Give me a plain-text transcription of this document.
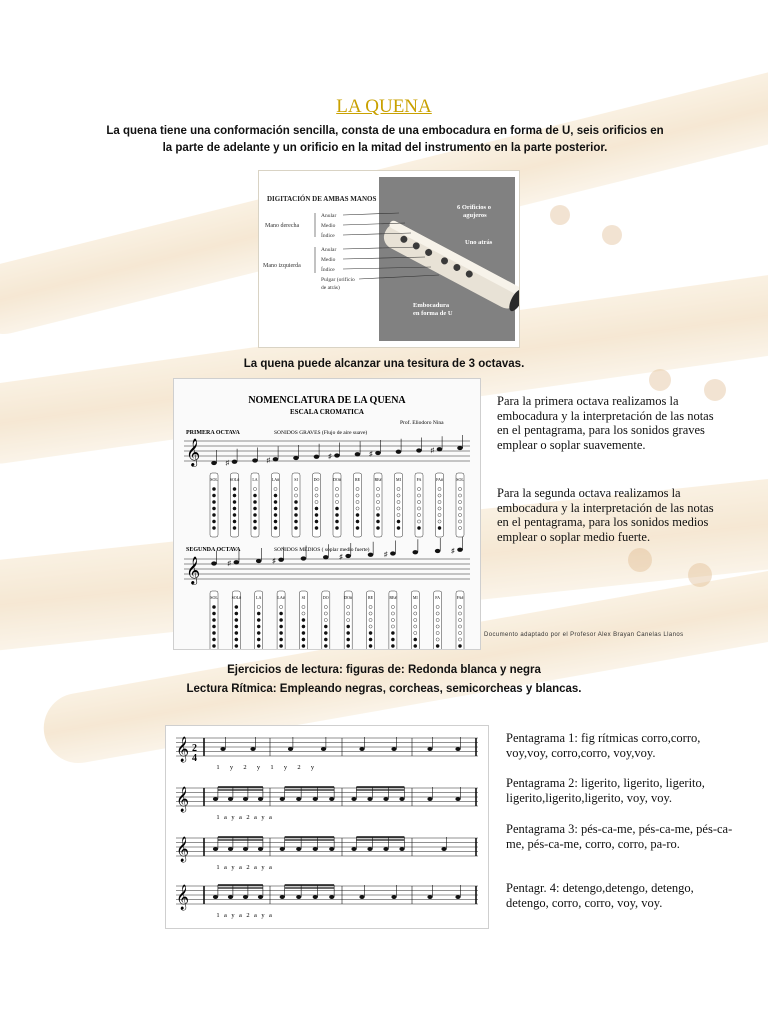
LA QUENA
La quena tiene una conformación sencilla, consta de una embocadura en forma de U, seis orificios en la parte de adelante y un orificio en la mitad del instrumento en la parte posterior.
DIGITACIÓN DE AMBAS MANOS
Mano derecha
Mano izquierda
Anular
Medio
Índice
Anular
Medio
Índice
Pulgar (orificio
de atrás)
6 Orificios o
agujeros
Uno atrás
Embocadura
en forma de U
La quena puede alcanzar una tesitura de 3 octavas.
NOMENCLATURA DE LA QUENA
ESCALA CROMATICA
Prof. Eliodoro Nina
PRIMERA OCTAVA	SONIDOS GRAVES (Flujo de aire suave)
SEGUNDA OCTAVA	SONIDOS MEDIOS ( soplar medio fuerte)
𝄞
SOL
♯
SOL#	LA
♯
LA#	SI	DO
♯
DO#	RE
♯
RE#	MI	FA
♯
FA#	SOL
𝄞
SOL
♯
SOL#	LA
♯
LA#	SI	DO
♯
DO#	RE
♯
RE#	MI	FA
♯
FA#
Para la primera octava realizamos la embocadura y la interpretación de las notas en el pentagrama, para los sonidos graves emplear o soplar suavemente.
Para la segunda octava realizamos la embocadura y la interpretación de las notas en el pentagrama, para los sonidos medios emplear o soplar medio fuerte.
Documento adaptado por el Profesor Alex Brayan Canelas Llanos
Ejercicios de lectura: figuras de: Redonda blanca y negra
Lectura Rítmica: Empleando negras, corcheas, semicorcheas y blancas.
2
4
𝄞
𝄞
𝄞
𝄞
1 y 2 y 1 y 2 y
1 a y a 2 a y a
1 a y a 2 a y a
1 a y a 2 a y a
Pentagrama 1: fig rítmicas corro,corro, voy,voy, corro,corro, voy,voy.
Pentagrama 2: ligerito, ligerito, ligerito, ligerito,ligerito,ligerito, voy, voy.
Pentagrama 3: pés-ca-me, pés-ca-me, pés-ca-me, pés-ca-me, corro, corro, pa-ro.
Pentagr. 4: detengo,detengo, detengo, detengo, corro, corro, voy, voy.
